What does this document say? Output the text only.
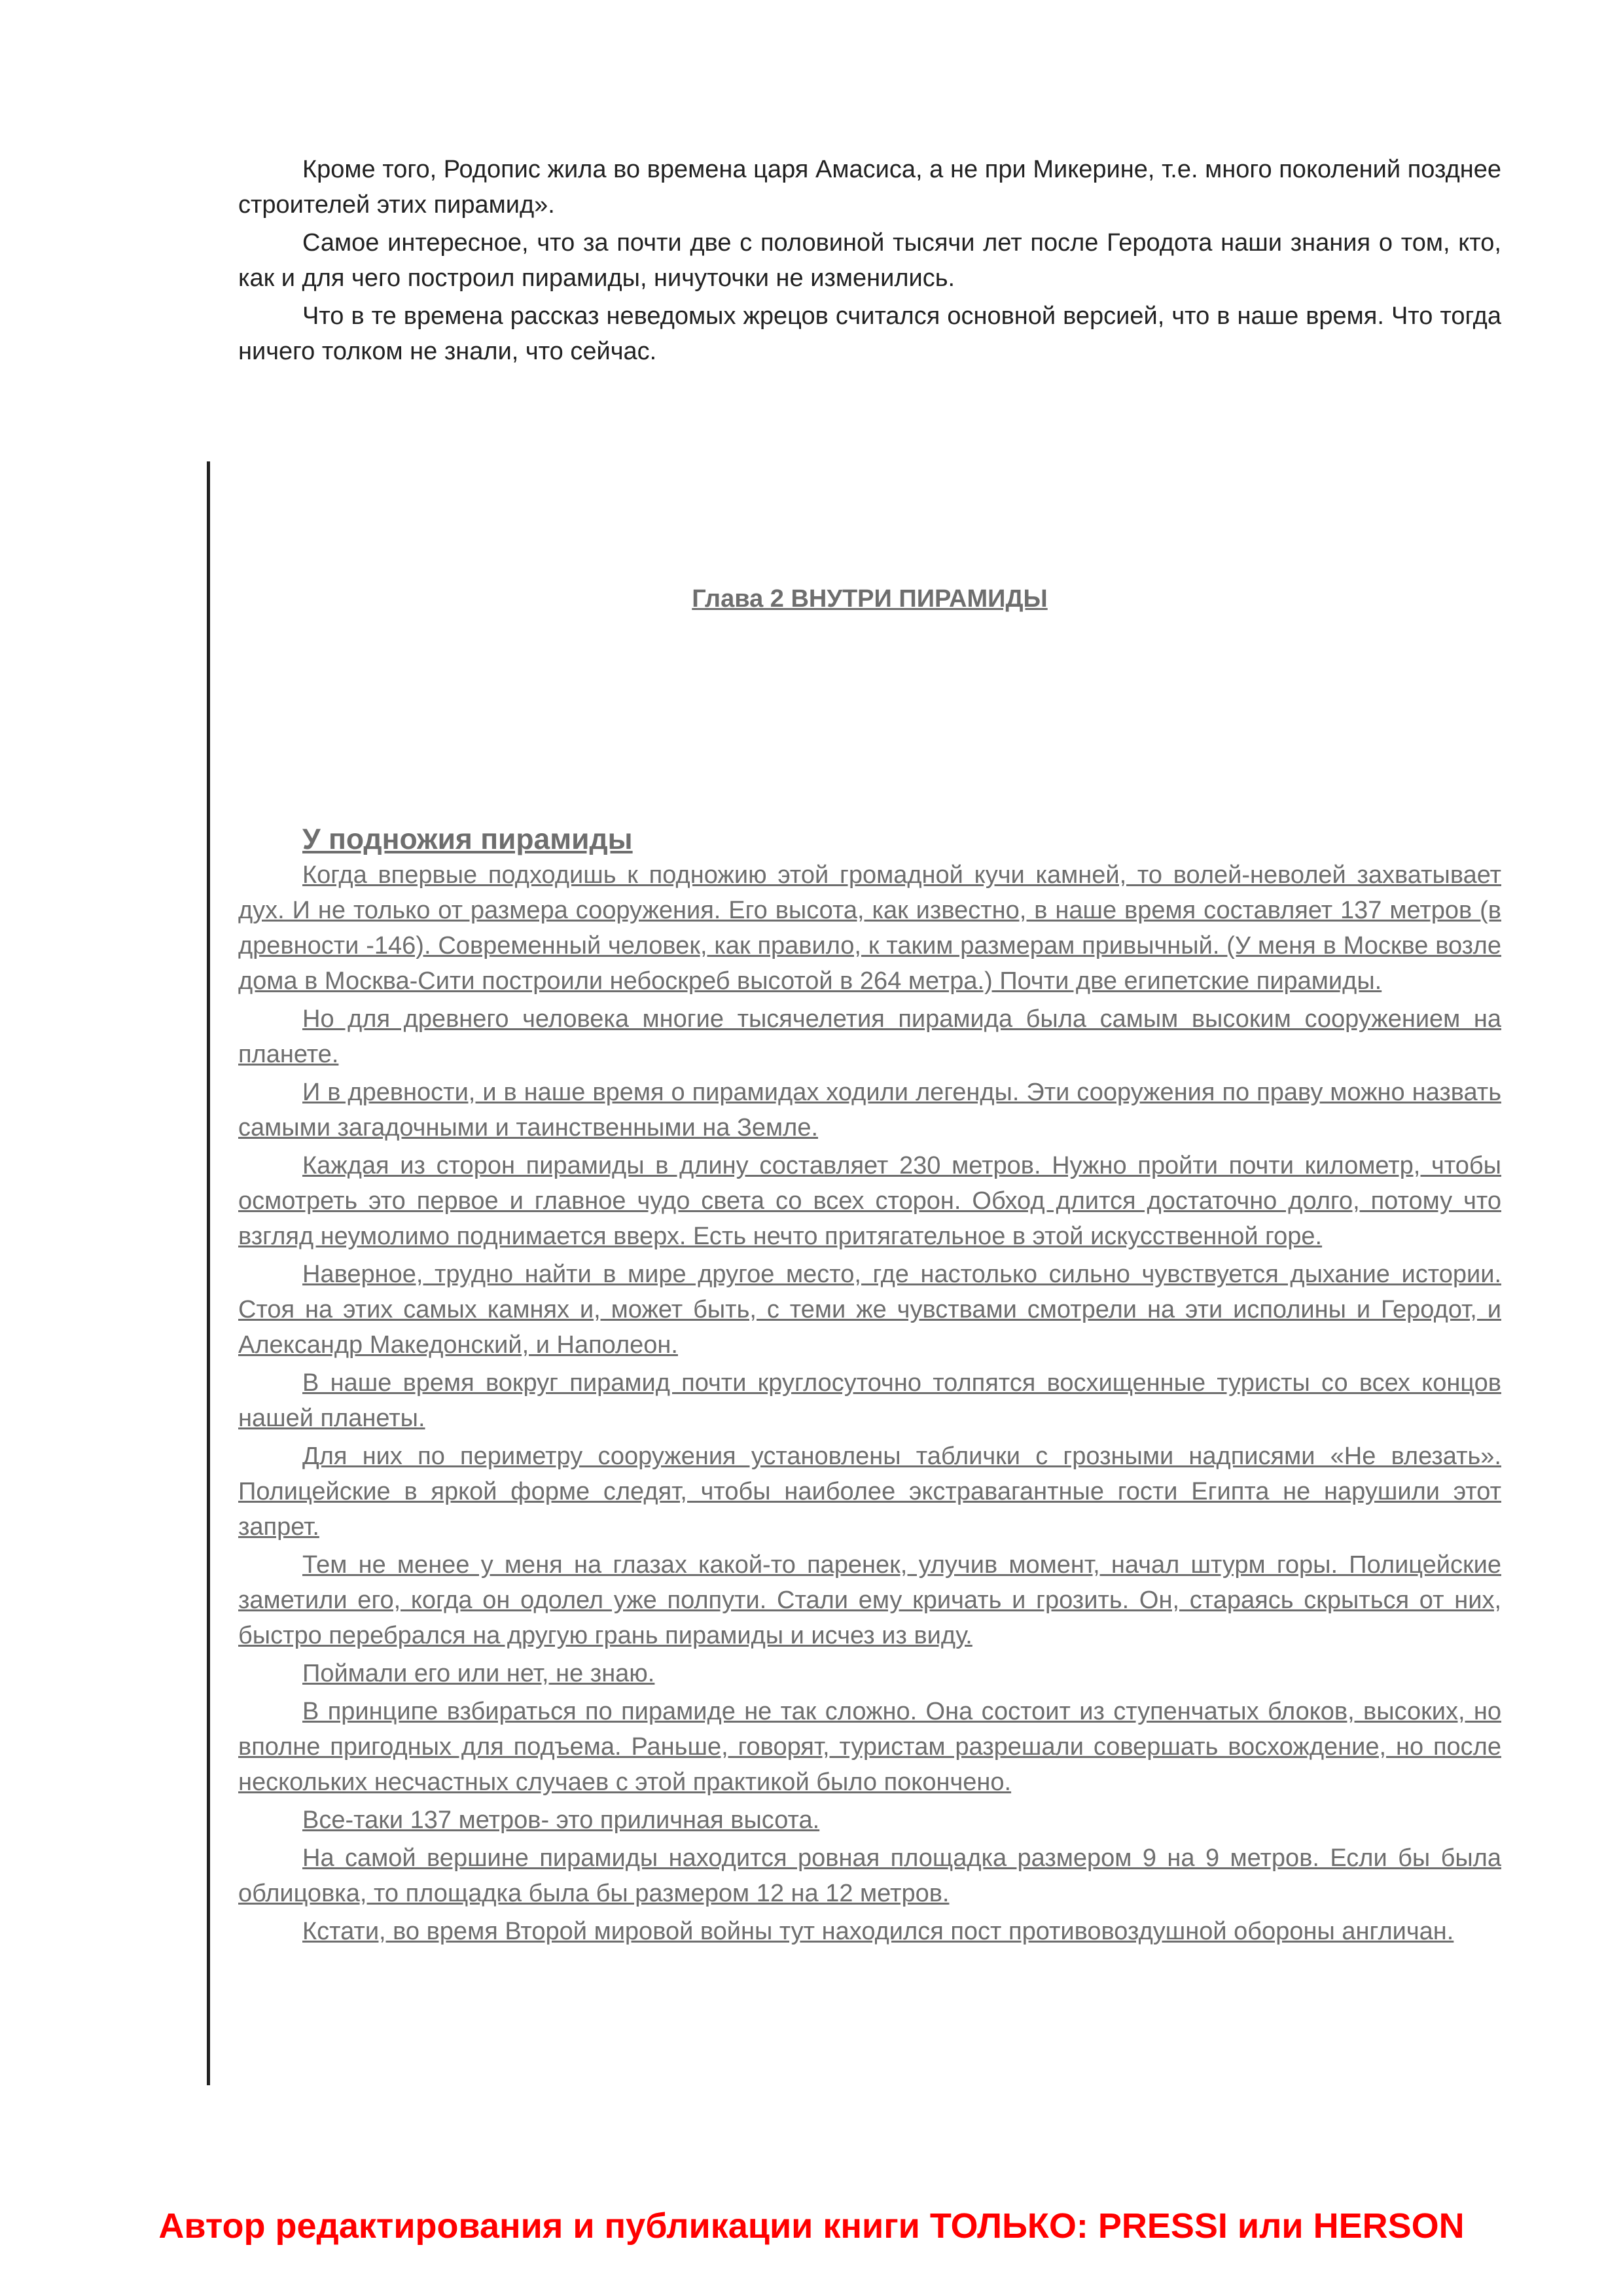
Кроме того, Родопис жила во времена царя Амасиса, а не при Микерине, т.е. много поколений позднее строителей этих пирамид».

Самое интересное, что за почти две с половиной тысячи лет после Геродота наши знания о том, кто, как и для чего построил пирамиды, ничуточки не изменились.

Что в те времена рассказ неведомых жрецов считался основной версией, что в наше время. Что тогда ничего толком не знали, что сейчас.

Глава 2 ВНУТРИ ПИРАМИДЫ
У подножия пирамиды

Когда впервые подходишь к подножию этой громадной кучи камней, то волей-неволей захватывает дух. И не только от размера сооружения. Его высота, как известно, в наше время составляет 137 метров (в древности -146). Современный человек, как правило, к таким размерам привычный. (У меня в Москве возле дома в Москва-Сити построили небоскреб высотой в 264 метра.) Почти две египетские пирамиды.

Но для древнего человека многие тысячелетия пирамида была самым высоким сооружением на планете.

И в древности, и в наше время о пирамидах ходили легенды. Эти сооружения по праву можно назвать самыми загадочными и таинственными на Земле.

Каждая из сторон пирамиды в длину составляет 230 метров. Нужно пройти почти километр, чтобы осмотреть это первое и главное чудо света со всех сторон. Обход длится достаточно долго, потому что взгляд неумолимо поднимается вверх. Есть нечто притягательное в этой искусственной горе.

Наверное, трудно найти в мире другое место, где настолько сильно чувствуется дыхание истории. Стоя на этих самых камнях и, может быть, с теми же чувствами смотрели на эти исполины и Геродот, и Александр Македонский, и Наполеон.

В наше время вокруг пирамид почти круглосуточно толпятся восхищенные туристы со всех концов нашей планеты.

Для них по периметру сооружения установлены таблички с грозными надписями «Не влезать». Полицейские в яркой форме следят, чтобы наиболее экстравагантные гости Египта не нарушили этот запрет.

Тем не менее у меня на глазах какой-то паренек, улучив момент, начал штурм горы. Полицейские заметили его, когда он одолел уже полпути. Стали ему кричать и грозить. Он, стараясь скрыться от них, быстро перебрался на другую грань пирамиды и исчез из виду.

Поймали его или нет, не знаю.

В принципе взбираться по пирамиде не так сложно. Она состоит из ступенчатых блоков, высоких, но вполне пригодных для подъема. Раньше, говорят, туристам разрешали совершать восхождение, но после нескольких несчастных случаев с этой практикой было покончено.

Все-таки 137 метров- это приличная высота.

На самой вершине пирамиды находится ровная площадка размером 9 на 9 метров. Если бы была облицовка, то площадка была бы размером 12 на 12 метров.

Кстати, во время Второй мировой войны тут находился пост противовоздушной обороны англичан.

Автор редактирования и публикации книги ТОЛЬКО: PRESSI или HERSON
